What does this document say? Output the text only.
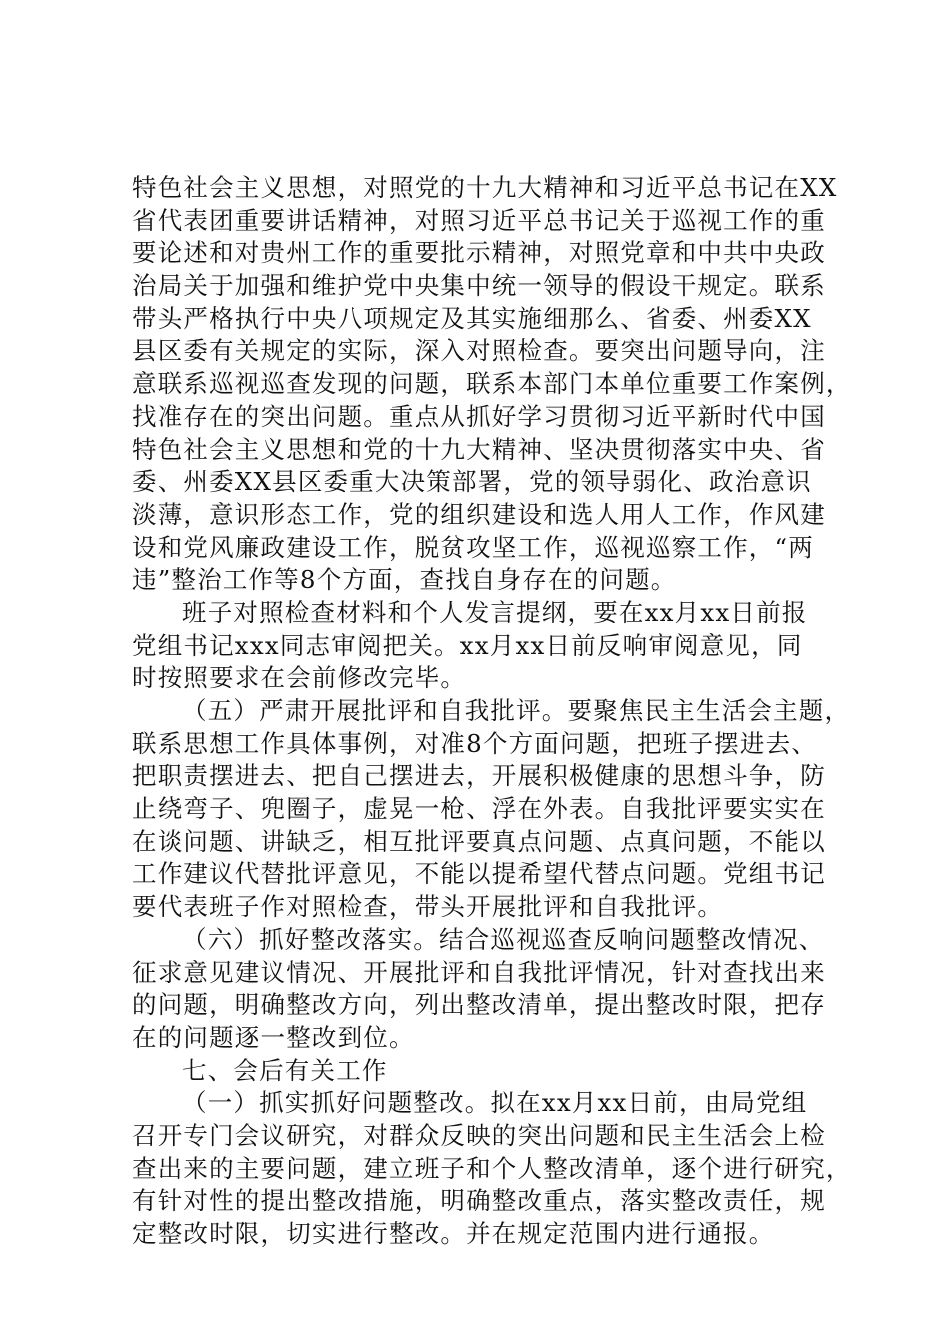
特色社会主义思想，对照党的十九大精神和习近平总书记在XX
省代表团重要讲话精神，对照习近平总书记关于巡视工作的重
要论述和对贵州工作的重要批示精神，对照党章和中共中央政
治局关于加强和维护党中央集中统一领导的假设干规定。联系
带头严格执行中央八项规定及其实施细那么、省委、州委XX
县区委有关规定的实际，深入对照检查。要突出问题导向，注
意联系巡视巡查发现的问题，联系本部门本单位重要工作案例，
找准存在的突出问题。重点从抓好学习贯彻习近平新时代中国
特色社会主义思想和党的十九大精神、坚决贯彻落实中央、省
委、州委XX县区委重大决策部署，党的领导弱化、政治意识
淡薄，意识形态工作，党的组织建设和选人用人工作，作风建
设和党风廉政建设工作，脱贫攻坚工作，巡视巡察工作，“两
违”整治工作等8个方面，查找自身存在的问题。
班子对照检查材料和个人发言提纲，要在xx月xx日前报
党组书记xxx同志审阅把关。xx月xx日前反响审阅意见，同
时按照要求在会前修改完毕。
（五）严肃开展批评和自我批评。要聚焦民主生活会主题，
联系思想工作具体事例，对准8个方面问题，把班子摆进去、
把职责摆进去、把自己摆进去，开展积极健康的思想斗争，防
止绕弯子、兜圈子，虚晃一枪、浮在外表。自我批评要实实在
在谈问题、讲缺乏，相互批评要真点问题、点真问题，不能以
工作建议代替批评意见，不能以提希望代替点问题。党组书记
要代表班子作对照检查，带头开展批评和自我批评。
（六）抓好整改落实。结合巡视巡查反响问题整改情况、
征求意见建议情况、开展批评和自我批评情况，针对查找出来
的问题，明确整改方向，列出整改清单，提出整改时限，把存
在的问题逐一整改到位。
七、会后有关工作
（一）抓实抓好问题整改。拟在xx月xx日前，由局党组
召开专门会议研究，对群众反映的突出问题和民主生活会上检
查出来的主要问题，建立班子和个人整改清单，逐个进行研究，
有针对性的提出整改措施，明确整改重点，落实整改责任，规
定整改时限，切实进行整改。并在规定范围内进行通报。
